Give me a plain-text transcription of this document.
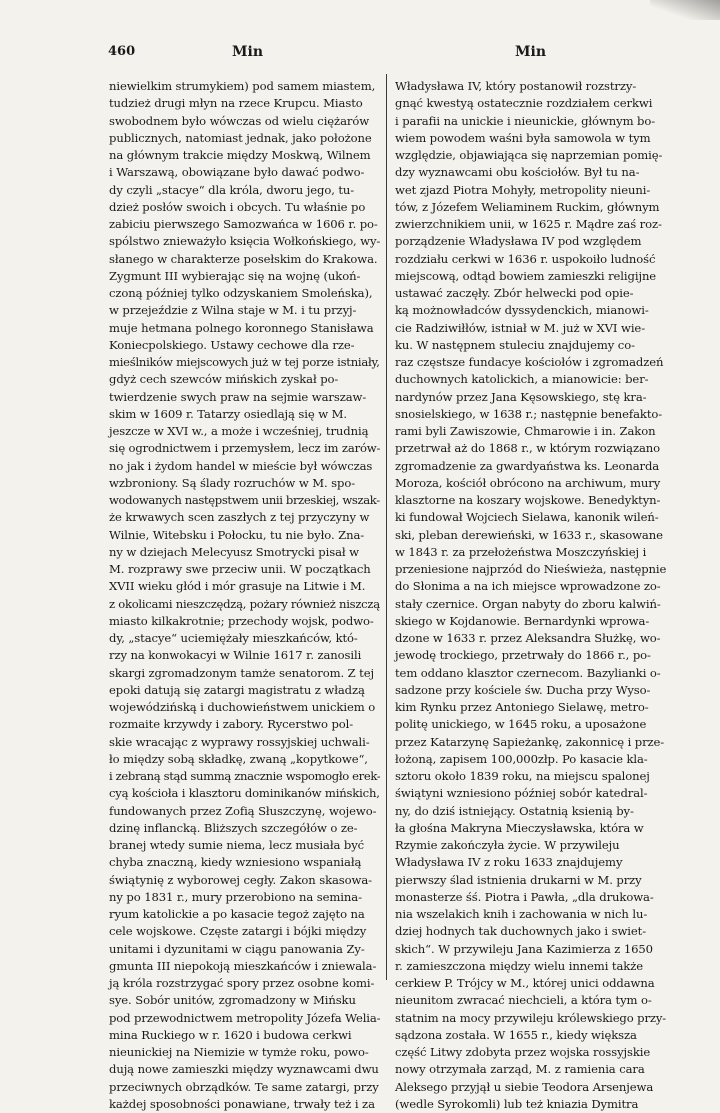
460	Min	Min
niewielkim strumykiem) pod samem miastem,
tudzież drugi młyn na rzece Krupcu. Miasto
swobodnem było wówczas od wielu ciężarów
publicznych, natomiast jednak, jako położone
na głównym trakcie między Moskwą, Wilnem
i Warszawą, obowiązane było dawać podwo-
dy czyli „stacye“ dla króla, dworu jego, tu-
dzież posłów swoich i obcych. Tu właśnie po
zabiciu pierwszego Samozwańca w 1606 r. po-
spólstwo znieważyło księcia Wołkońskiego, wy-
słanego w charakterze posełskim do Krakowa.
Zygmunt III wybierając się na wojnę (ukoń-
czoną później tylko odzyskaniem Smoleńska),
w przejeździe z Wilna staje w M. i tu przyj-
muje hetmana polnego koronnego Stanisława
Koniecpolskiego. Ustawy cechowe dla rze-
mieślników miejscowych już w tej porze istniały,
gdyż cech szewców mińskich zyskał po-
twierdzenie swych praw na sejmie warszaw-
skim w 1609 r. Tatarzy osiedlają się w M.
jeszcze w XVI w., a może i wcześniej, trudnią
się ogrodnictwem i przemysłem, lecz im zarów-
no jak i żydom handel w mieście był wówczas
wzbroniony. Są ślady rozruchów w M. spo-
wodowanych następstwem unii brzeskiej, wszak-
że krwawych scen zaszłych z tej przyczyny w
Wilnie, Witebsku i Połocku, tu nie było. Zna-
ny w dziejach Melecyusz Smotrycki pisał w
M. rozprawy swe przeciw unii. W początkach
XVII wieku głód i mór grasuje na Litwie i M.
z okolicami nieszczędzą, pożary również niszczą
miasto kilkakrotnie; przechody wojsk, podwo-
dy, „stacye“ uciemiężały mieszkańców, któ-
rzy na konwokacyi w Wilnie 1617 r. zanosili
skargi zgromadzonym tamże senatorom. Z tej
epoki datują się zatargi magistratu z władzą
wojewódzińską i duchowieństwem unickiem o
rozmaite krzywdy i zabory. Rycerstwo pol-
skie wracając z wyprawy rossyjskiej uchwali-
ło między sobą składkę, zwaną „kopytkowe“,
i zebraną stąd summą znacznie wspomogło erek-
cyą kościoła i klasztoru dominikanów mińskich,
fundowanych przez Zofią Słuszczynę, wojewo-
dzinę inflancką. Bliższych szczegółów o ze-
branej wtedy sumie niema, lecz musiała być
chyba znaczną, kiedy wzniesiono wspaniałą
świątynię z wyborowej cegły. Zakon skasowa-
ny po 1831 r., mury przerobiono na semina-
ryum katolickie a po kasacie tegoż zajęto na
cele wojskowe. Częste zatargi i bójki między
unitami i dyzunitami w ciągu panowania Zy-
gmunta III niepokoją mieszkańców i zniewala-
ją króla rozstrzygać spory przez osobne komi-
sye. Sobór unitów, zgromadzony w Mińsku
pod przewodnictwem metropolity Józefa Welia-
mina Ruckiego w r. 1620 i budowa cerkwi
nieunickiej na Niemizie w tymże roku, powo-
dują nowe zamieszki między wyznawcami dwu
przeciwnych obrządków. Te same zatargi, przy
każdej sposobności ponawiane, trwały też i za
Władysława IV, który postanowił rozstrzy-
gnąć kwestyą ostatecznie rozdziałem cerkwi
i parafii na unickie i nieunickie, głównym bo-
wiem powodem waśni była samowola w tym
względzie, objawiająca się naprzemian pomię-
dzy wyznawcami obu kościołów. Był tu na-
wet zjazd Piotra Mohyły, metropolity nieuni-
tów, z Józefem Weliaminem Ruckim, głównym
zwierzchnikiem unii, w 1625 r. Mądre zaś roz-
porządzenie Władysława IV pod względem
rozdziału cerkwi w 1636 r. uspokoiło ludność
miejscową, odtąd bowiem zamieszki religijne
ustawać zaczęły. Zbór helwecki pod opie-
ką możnowładców dyssydenckich, mianowi-
cie Radziwiłłów, istniał w M. już w XVI wie-
ku. W następnem stuleciu znajdujemy co-
raz częstsze fundacye kościołów i zgromadzeń
duchownych katolickich, a mianowicie: ber-
nardynów przez Jana Kęsowskiego, stę kra-
snosielskiego, w 1638 r.; następnie benefakto-
rami byli Zawiszowie, Chmarowie i in. Zakon
przetrwał aż do 1868 r., w którym rozwiązano
zgromadzenie za gwardyaństwa ks. Leonarda
Moroza, kościół obrócono na archiwum, mury
klasztorne na koszary wojskowe. Benedyktyn-
ki fundował Wojciech Sielawa, kanonik wileń-
ski, pleban derewieński, w 1633 r., skasowane
w 1843 r. za przełożeństwa Moszczyńskiej i
przeniesione najprzód do Nieświeża, następnie
do Słonima a na ich miejsce wprowadzone zo-
stały czernice. Organ nabyty do zboru kalwiń-
skiego w Kojdanowie. Bernardynki wprowa-
dzone w 1633 r. przez Aleksandra Służkę, wo-
jewodę trockiego, przetrwały do 1866 r., po-
tem oddano klasztor czernecom. Bazylianki o-
sadzone przy kościele św. Ducha przy Wyso-
kim Rynku przez Antoniego Sielawę, metro-
politę unickiego, w 1645 roku, a uposażone
przez Katarzynę Sapieżankę, zakonnicę i prze-
łożoną, zapisem 100,000złp. Po kasacie kla-
sztoru około 1839 roku, na miejscu spalonej
świątyni wzniesiono później sobór katedral-
ny, do dziś istniejący. Ostatnią ksienią by-
ła głośna Makryna Mieczysławska, która w
Rzymie zakończyła życie. W przywileju
Władysława IV z roku 1633 znajdujemy
pierwszy ślad istnienia drukarni w M. przy
monasterze śś. Piotra i Pawła, „dla drukowa-
nia wszelakich knih i zachowania w nich lu-
dziej hodnych tak duchownych jako i swiet-
skich“. W przywileju Jana Kazimierza z 1650
r. zamieszczona między wielu innemi także
cerkiew P. Trójcy w M., której unici oddawna
nieunitom zwracać niechcieli, a która tym o-
statnim na mocy przywileju królewskiego przy-
sądzona została. W 1655 r., kiedy większa
część Litwy zdobyta przez wojska rossyjskie
nowy otrzymała zarząd, M. z ramienia cara
Aleksego przyjął u siebie Teodora Arsenjewa
(wedle Syrokomli) lub też kniazia Dymitra
